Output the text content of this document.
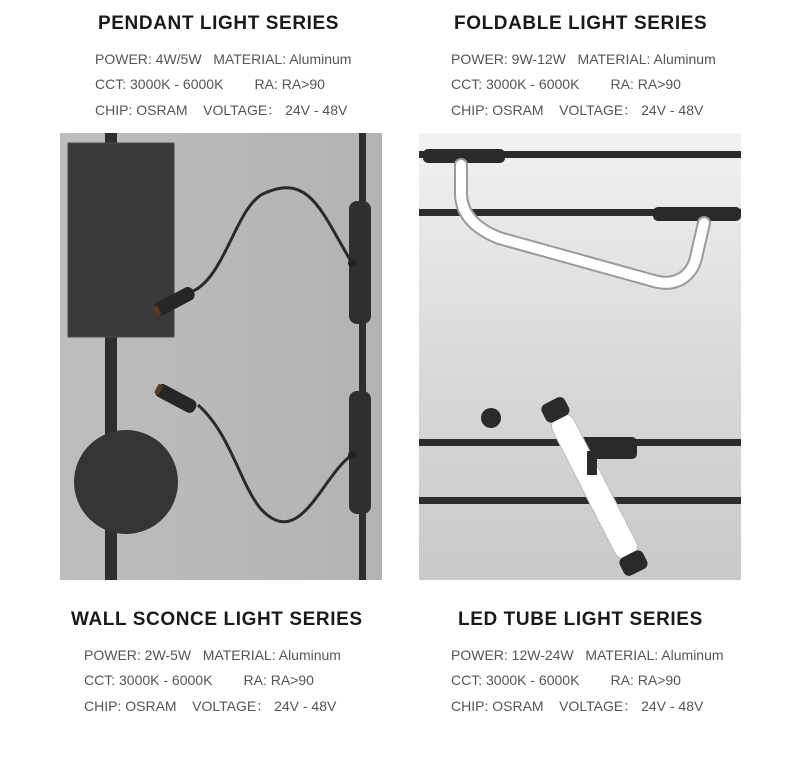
PENDANT LIGHT SERIES
POWER: 4W/5W   MATERIAL: Aluminum
CCT: 3000K - 6000K        RA: RA>90
CHIP: OSRAM    VOLTAGE： 24V - 48V
FOLDABLE LIGHT SERIES
POWER: 9W-12W   MATERIAL: Aluminum
CCT: 3000K - 6000K        RA: RA>90
CHIP: OSRAM    VOLTAGE： 24V - 48V
WALL SCONCE LIGHT SERIES
POWER: 2W-5W   MATERIAL: Aluminum
CCT: 3000K - 6000K        RA: RA>90
CHIP: OSRAM    VOLTAGE： 24V - 48V
LED TUBE LIGHT SERIES
POWER: 12W-24W   MATERIAL: Aluminum
CCT: 3000K - 6000K        RA: RA>90
CHIP: OSRAM    VOLTAGE： 24V - 48V
